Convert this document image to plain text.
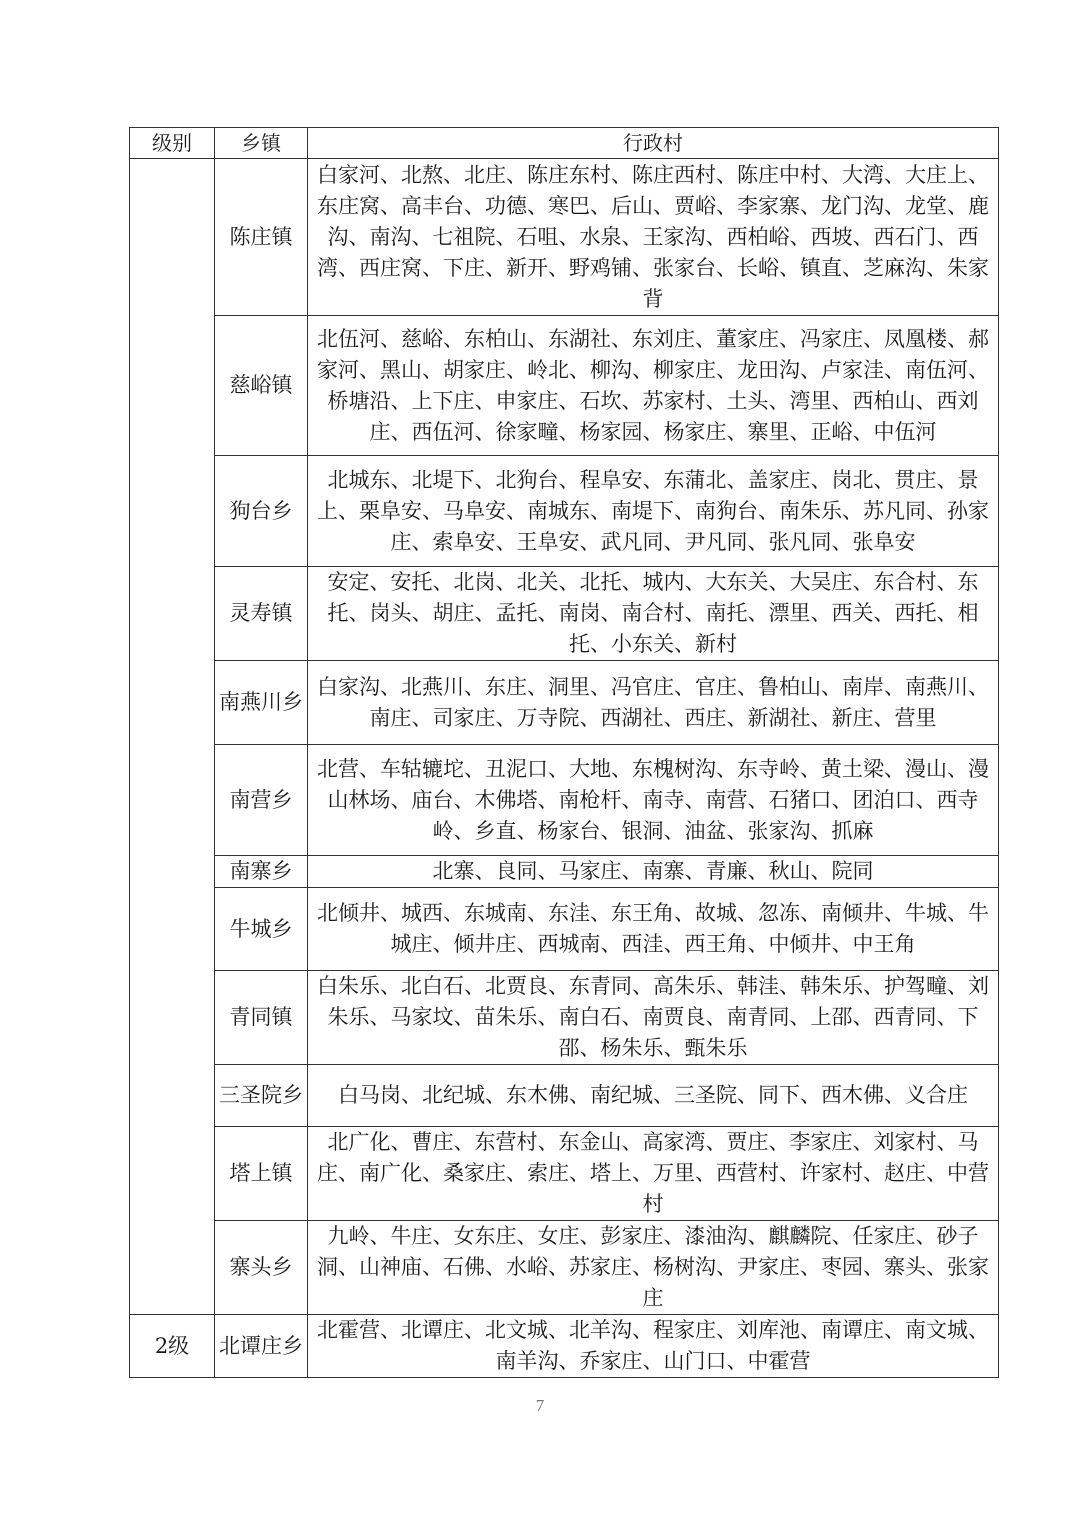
级别	乡镇	行政村
	陈庄镇	白家河、北熬、北庄、陈庄东村、陈庄西村、陈庄中村、大湾、大庄上、东庄窝、高丰台、功德、寒巴、后山、贾峪、李家寨、龙门沟、龙堂、鹿沟、南沟、七祖院、石咀、水泉、王家沟、西柏峪、西坡、西石门、西湾、西庄窝、下庄、新开、野鸡铺、张家台、长峪、镇直、芝麻沟、朱家背
	慈峪镇	北伍河、慈峪、东柏山、东湖社、东刘庄、董家庄、冯家庄、凤凰楼、郝家河、黑山、胡家庄、岭北、柳沟、柳家庄、龙田沟、卢家洼、南伍河、桥塘沿、上下庄、申家庄、石坎、苏家村、土头、湾里、西柏山、西刘庄、西伍河、徐家疃、杨家园、杨家庄、寨里、正峪、中伍河
	狗台乡	北城东、北堤下、北狗台、程阜安、东蒲北、盖家庄、岗北、贯庄、景上、栗阜安、马阜安、南城东、南堤下、南狗台、南朱乐、苏凡同、孙家庄、索阜安、王阜安、武凡同、尹凡同、张凡同、张阜安
	灵寿镇	安定、安托、北岗、北关、北托、城内、大东关、大吴庄、东合村、东托、岗头、胡庄、孟托、南岗、南合村、南托、漂里、西关、西托、相托、小东关、新村
	南燕川乡	白家沟、北燕川、东庄、洞里、冯官庄、官庄、鲁柏山、南岸、南燕川、南庄、司家庄、万寺院、西湖社、西庄、新湖社、新庄、营里
	南营乡	北营、车轱辘坨、丑泥口、大地、东槐树沟、东寺岭、黄土梁、漫山、漫山林场、庙台、木佛塔、南枪杆、南寺、南营、石猪口、团泊口、西寺岭、乡直、杨家台、银洞、油盆、张家沟、抓麻
	南寨乡	北寨、良同、马家庄、南寨、青廉、秋山、院同
	牛城乡	北倾井、城西、东城南、东洼、东王角、故城、忽冻、南倾井、牛城、牛城庄、倾井庄、西城南、西洼、西王角、中倾井、中王角
	青同镇	白朱乐、北白石、北贾良、东青同、高朱乐、韩洼、韩朱乐、护驾疃、刘朱乐、马家坟、苗朱乐、南白石、南贾良、南青同、上邵、西青同、下邵、杨朱乐、甄朱乐
	三圣院乡	白马岗、北纪城、东木佛、南纪城、三圣院、同下、西木佛、义合庄
	塔上镇	北广化、曹庄、东营村、东金山、高家湾、贾庄、李家庄、刘家村、马庄、南广化、桑家庄、索庄、塔上、万里、西营村、许家村、赵庄、中营村
	寨头乡	九岭、牛庄、女东庄、女庄、彭家庄、漆油沟、麒麟院、任家庄、砂子洞、山神庙、石佛、水峪、苏家庄、杨树沟、尹家庄、枣园、寨头、张家庄
2级	北谭庄乡	北霍营、北谭庄、北文城、北羊沟、程家庄、刘库池、南谭庄、南文城、南羊沟、乔家庄、山门口、中霍营
7
